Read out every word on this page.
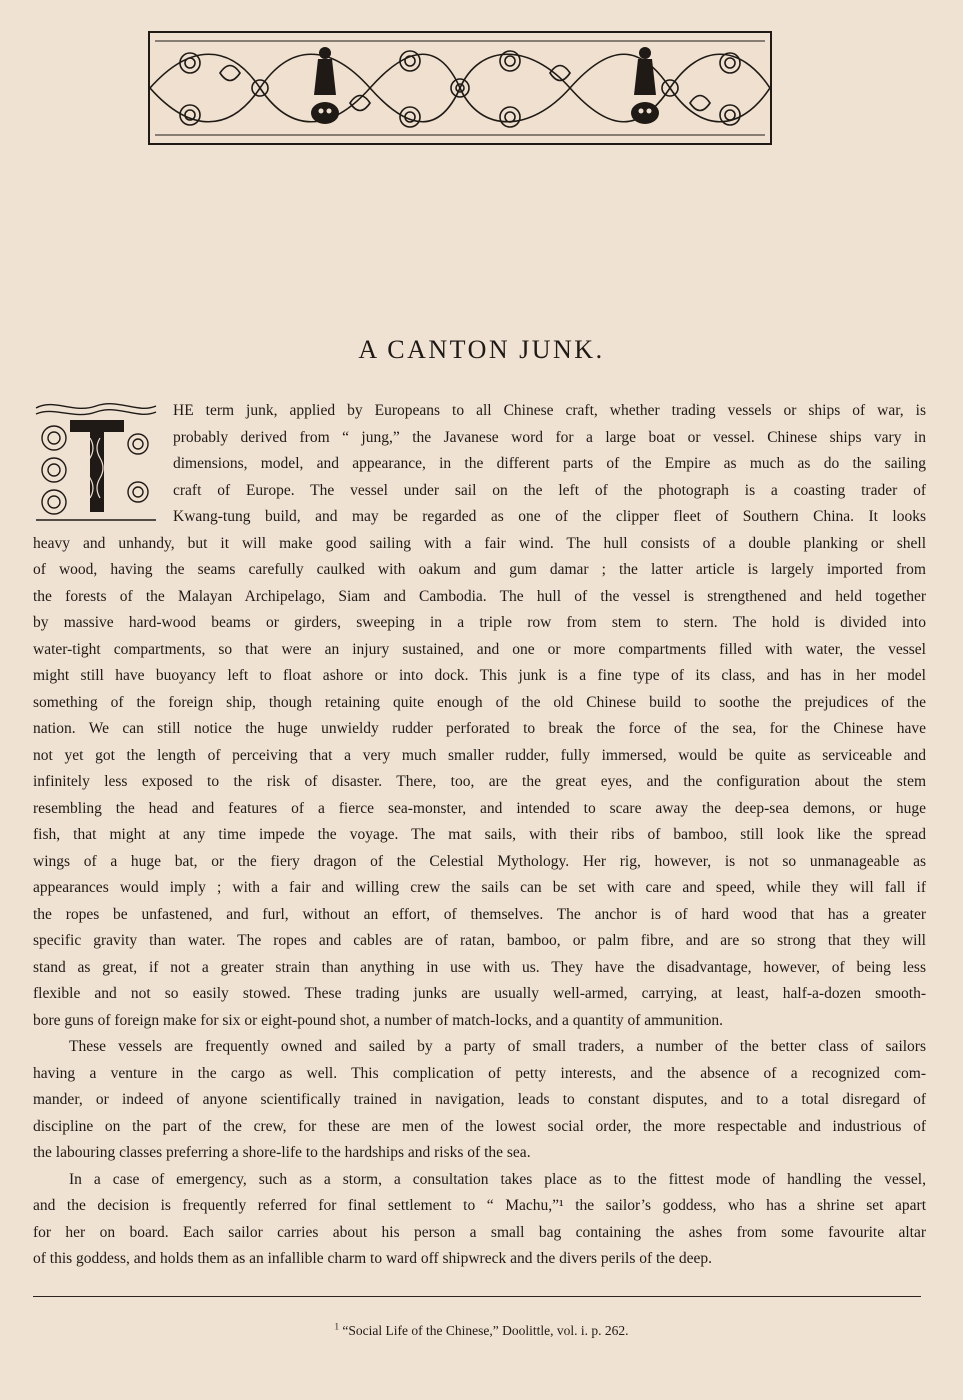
A CANTON JUNK.
HE term junk, applied by Europeans to all Chinese craft, whether trading vessels or ships of war, is
probably derived from “ jung,” the Javanese word for a large boat or vessel. Chinese ships vary in
dimensions, model, and appearance, in the different parts of the Empire as much as do the sailing
craft of Europe. The vessel under sail on the left of the photograph is a coasting trader of
Kwang-tung build, and may be regarded as one of the clipper fleet of Southern China. It looks
heavy and unhandy, but it will make good sailing with a fair wind. The hull consists of a double planking or shell
of wood, having the seams carefully caulked with oakum and gum damar ; the latter article is largely imported from
the forests of the Malayan Archipelago, Siam and Cambodia. The hull of the vessel is strengthened and held together
by massive hard-wood beams or girders, sweeping in a triple row from stem to stern. The hold is divided into
water-tight compartments, so that were an injury sustained, and one or more compartments filled with water, the vessel
might still have buoyancy left to float ashore or into dock. This junk is a fine type of its class, and has in her model
something of the foreign ship, though retaining quite enough of the old Chinese build to soothe the prejudices of the
nation. We can still notice the huge unwieldy rudder perforated to break the force of the sea, for the Chinese have
not yet got the length of perceiving that a very much smaller rudder, fully immersed, would be quite as serviceable and
infinitely less exposed to the risk of disaster. There, too, are the great eyes, and the configuration about the stem
resembling the head and features of a fierce sea-monster, and intended to scare away the deep-sea demons, or huge
fish, that might at any time impede the voyage. The mat sails, with their ribs of bamboo, still look like the spread
wings of a huge bat, or the fiery dragon of the Celestial Mythology. Her rig, however, is not so unmanageable as
appearances would imply ; with a fair and willing crew the sails can be set with care and speed, while they will fall if
the ropes be unfastened, and furl, without an effort, of themselves. The anchor is of hard wood that has a greater
specific gravity than water. The ropes and cables are of ratan, bamboo, or palm fibre, and are so strong that they will
stand as great, if not a greater strain than anything in use with us. They have the disadvantage, however, of being less
flexible and not so easily stowed. These trading junks are usually well-armed, carrying, at least, half-a-dozen smooth-
bore guns of foreign make for six or eight-pound shot, a number of match-locks, and a quantity of ammunition.
These vessels are frequently owned and sailed by a party of small traders, a number of the better class of sailors
having a venture in the cargo as well. This complication of petty interests, and the absence of a recognized com-
mander, or indeed of anyone scientifically trained in navigation, leads to constant disputes, and to a total disregard of
discipline on the part of the crew, for these are men of the lowest social order, the more respectable and industrious of
the labouring classes preferring a shore-life to the hardships and risks of the sea.
In a case of emergency, such as a storm, a consultation takes place as to the fittest mode of handling the vessel,
and the decision is frequently referred for final settlement to “ Machu,”¹ the sailor’s goddess, who has a shrine set apart
for her on board. Each sailor carries about his person a small bag containing the ashes from some favourite altar
of this goddess, and holds them as an infallible charm to ward off shipwreck and the divers perils of the deep.
$^1$ “Social Life of the Chinese,” Doolittle, vol. i. p. 262.
